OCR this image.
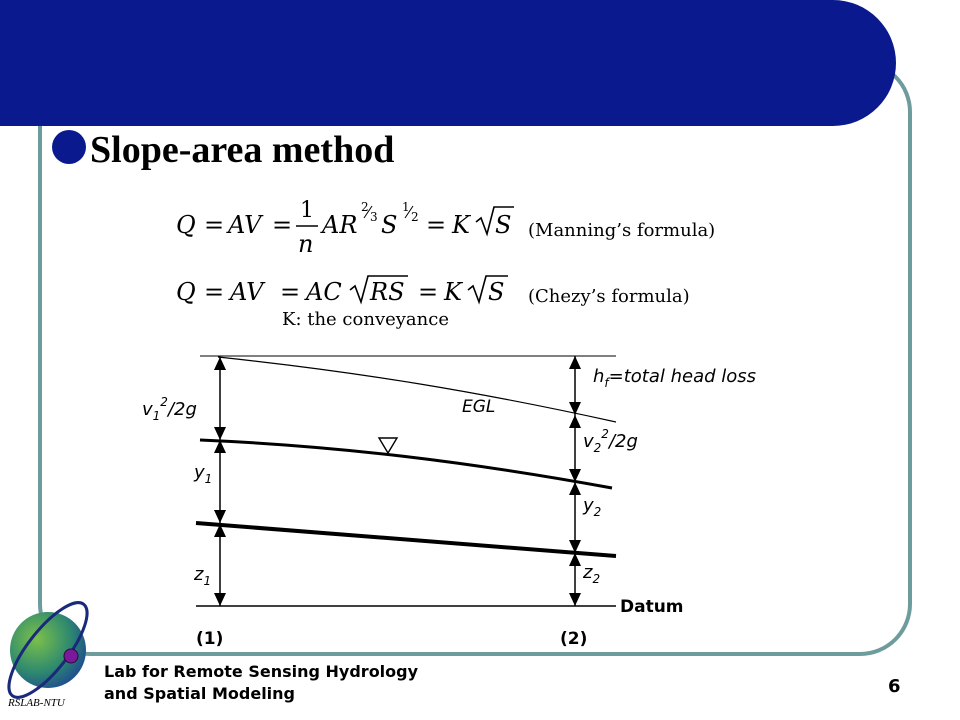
Slope-area method
Q = AV =
1
n
AR
2
3 S
1
2 = K S (Manning’s formula)
Q = AV = AC RS = K S (Chezy’s formula)
K: the conveyance
$h_f=total$ head loss
EGL
$v_1^2/2g$
$v_2^2/2g$
$y_1$
$y_2$
$z_1$	$z_2$
Datum
(1)	(2)
RSLAB-NTU
Lab for Remote Sensing Hydrology
and Spatial Modeling	6
